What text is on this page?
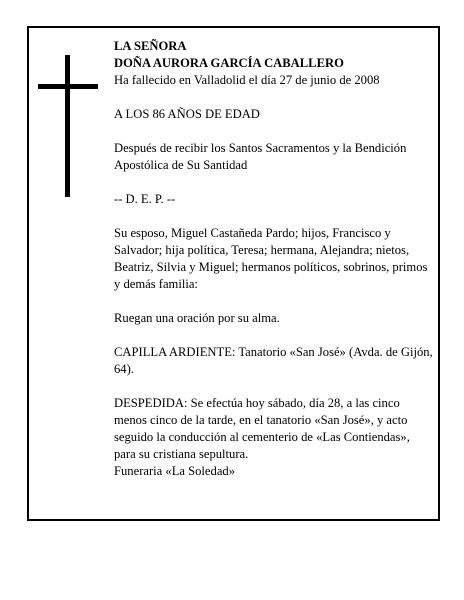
LA SEÑORA

DOÑA AURORA GARCÍA CABALLERO

Ha fallecido en Valladolid el día 27 de junio de 2008

A LOS 86 AÑOS DE EDAD

Después de recibir los Santos Sacramentos y la Bendición Apostólica de Su Santidad

-- D. E. P. --

Su esposo, Miguel Castañeda Pardo; hijos, Francisco y Salvador; hija política, Teresa; hermana, Alejandra; nietos, Beatriz, Silvia y Miguel; hermanos políticos, sobrinos, primos y demás familia:

Ruegan una oración por su alma.

CAPILLA ARDIENTE: Tanatorio «San José» (Avda. de Gijón, 64).

DESPEDIDA: Se efectúa hoy sábado, día 28, a las cinco menos cinco de la tarde, en el tanatorio «San José», y acto seguido la conducción al cementerio de «Las Contiendas», para su cristiana sepultura.

Funeraria «La Soledad»
